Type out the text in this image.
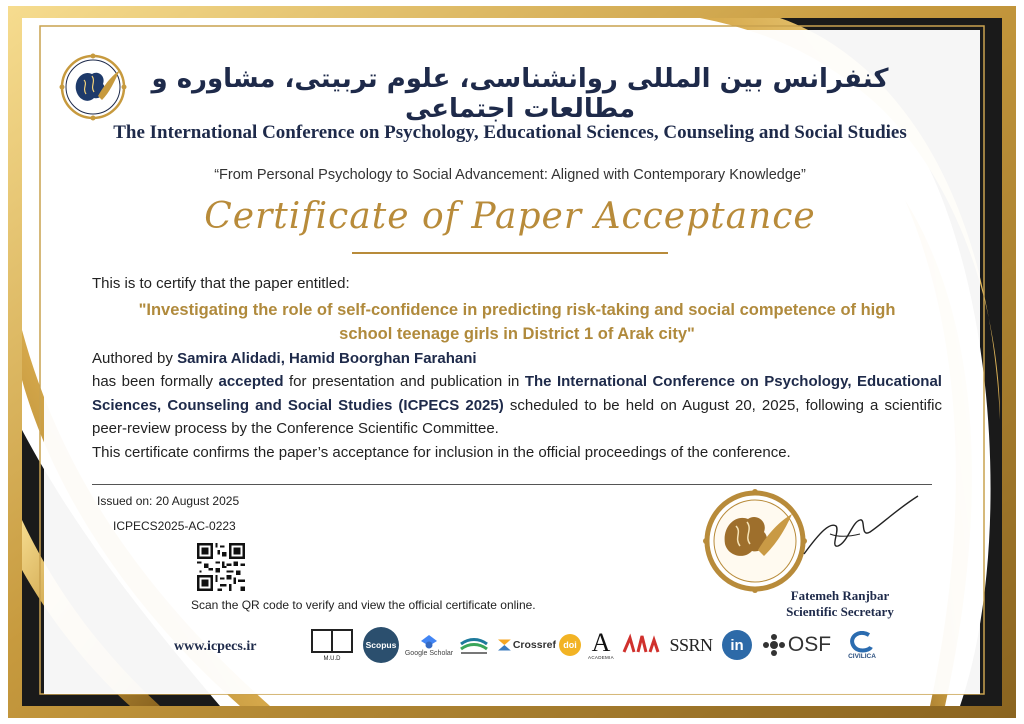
کنفرانس بین المللی روانشناسی، علوم تربیتی، مشاوره و مطالعات اجتماعی
The International Conference on Psychology, Educational Sciences, Counseling and Social Studies
“From Personal Psychology to Social Advancement: Aligned with Contemporary Knowledge”
Certificate of Paper Acceptance
This is to certify that the paper entitled:
"Investigating the role of self-confidence in predicting risk-taking and social competence of high
school teenage girls in District 1 of Arak city"
Authored by Samira Alidadi, Hamid Boorghan Farahani
has been formally accepted for presentation and publication in The International Conference on Psychology, Educational Sciences, Counseling and Social Studies (ICPECS 2025) scheduled to be held on August 20, 2025, following a scientific peer-review process by the Conference Scientific Committee.
This certificate confirms the paper’s acceptance for inclusion in the official proceedings of the conference.
Issued on: 20 August 2025
ICPECS2025-AC-0223
Scan the QR code to verify and view the official certificate online.
Fatemeh Ranjbar
Scientific Secretary
www.icpecs.ir
M.U.D
Scopus
Google Scholar
Crossref doi A
ACADEMIA
SSRN	in	OSF	CIVILICA
